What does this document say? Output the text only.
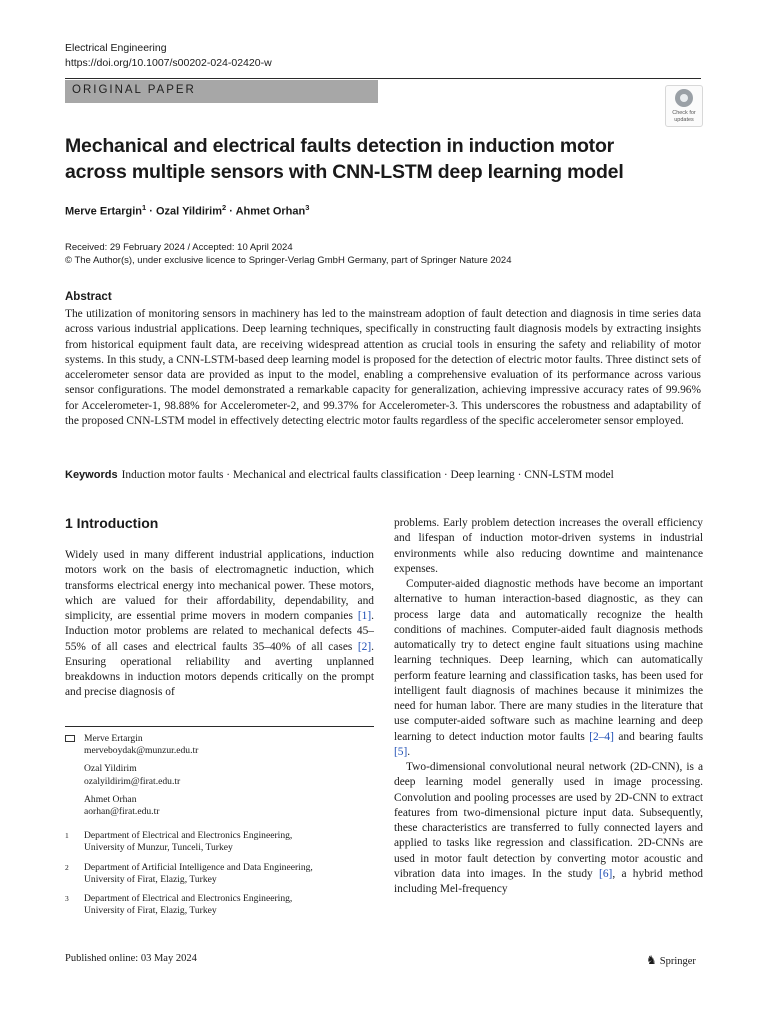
Electrical Engineering
https://doi.org/10.1007/s00202-024-02420-w
ORIGINAL PAPER
Check for
updates
Mechanical and electrical faults detection in induction motor across multiple sensors with CNN-LSTM deep learning model
Merve Ertargin$^1$ · Ozal Yildirim$^2$ · Ahmet Orhan$^3$
Received: 29 February 2024 / Accepted: 10 April 2024
© The Author(s), under exclusive licence to Springer-Verlag GmbH Germany, part of Springer Nature 2024
Abstract
The utilization of monitoring sensors in machinery has led to the mainstream adoption of fault detection and diagnosis in time series data across various industrial applications. Deep learning techniques, specifically in constructing fault diagnosis models by extracting insights from historical equipment fault data, are receiving widespread attention as crucial tools in ensuring the safety and reliability of motor systems. In this study, a CNN-LSTM-based deep learning model is proposed for the detection of electric motor faults. Three distinct sets of accelerometer sensor data are provided as input to the model, enabling a comprehensive evaluation of its performance across various sensor configurations. The model demonstrated a remarkable capacity for generalization, achieving impressive accuracy rates of 99.96% for Accelerometer-1, 98.88% for Accelerometer-2, and 99.37% for Accelerometer-3. This underscores the robustness and adaptability of the proposed CNN-LSTM model in effectively detecting electric motor faults regardless of the specific accelerometer sensor employed.
Keywords Induction motor faults · Mechanical and electrical faults classification · Deep learning · CNN-LSTM model
1 Introduction

Widely used in many different industrial applications, induction motors work on the basis of electromagnetic induction, which transforms electrical energy into mechanical power. These motors, which are valued for their affordability, dependability, and simplicity, are essential prime movers in modern companies [1]. Induction motor problems are related to mechanical defects 45–55% of all cases and electrical faults 35–40% of all cases [2]. Ensuring operational reliability and averting unplanned breakdowns in induction motors depends critically on the prompt and precise diagnosis of

problems. Early problem detection increases the overall efficiency and lifespan of induction motor-driven systems in industrial environments while also reducing downtime and maintenance expenses.

Computer-aided diagnostic methods have become an important alternative to human interaction-based diagnostic, as they can process large data and automatically recognize the health conditions of machines. Computer-aided fault diagnosis methods automatically try to detect engine fault situations using machine learning techniques. Deep learning, which can automatically perform feature learning and classification tasks, has been used for intelligent fault diagnosis of machines because it minimizes the need for human labor. There are many studies in the literature that use computer-aided software such as machine learning and deep learning to detect induction motor faults [2–4] and bearing faults [5].

Two-dimensional convolutional neural network (2D-CNN), is a deep learning model generally used in image processing. Convolution and pooling processes are used by 2D-CNN to extract features from two-dimensional picture input data. Subsequently, these characteristics are transferred to fully connected layers and applied to tasks like regression and classification. 2D-CNNs are used in motor fault detection by converting motor acoustic and vibration data into images. In the study [6], a hybrid method including Mel-frequency

Merve Ertargin
merveboydak@munzur.edu.tr
Ozal Yildirim
ozalyildirim@firat.edu.tr
Ahmet Orhan
aorhan@firat.edu.tr
1 Department of Electrical and Electronics Engineering,
University of Munzur, Tunceli, Turkey
2 Department of Artificial Intelligence and Data Engineering,
University of Firat, Elazig, Turkey
3 Department of Electrical and Electronics Engineering,
University of Firat, Elazig, Turkey
Published online: 03 May 2024	♞ Springer
